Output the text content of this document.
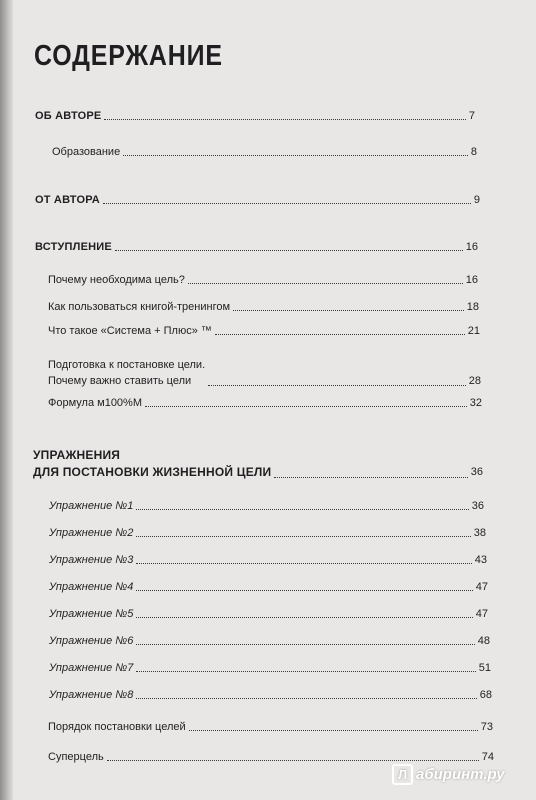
СОДЕРЖАНИЕ
ОБ АВТОРЕ	7
Образование	8
ОТ АВТОРА	9
ВСТУПЛЕНИЕ	16
Почему необходима цель?	16
Как пользоваться книгой-тренингом	18
Что такое «Система + Плюс» ™	21
Подготовка к постановке цели.
Почему важно ставить цели	28
Формула м100%М	32
УПРАЖНЕНИЯ
ДЛЯ ПОСТАНОВКИ ЖИЗНЕННОЙ ЦЕЛИ	36
Упражнение №1	36
Упражнение №2	38
Упражнение №3	43
Упражнение №4	47
Упражнение №5	47
Упражнение №6	48
Упражнение №7	51
Упражнение №8	68
Порядок постановки целей	73
Суперцель	74
Л абиринт.ру
